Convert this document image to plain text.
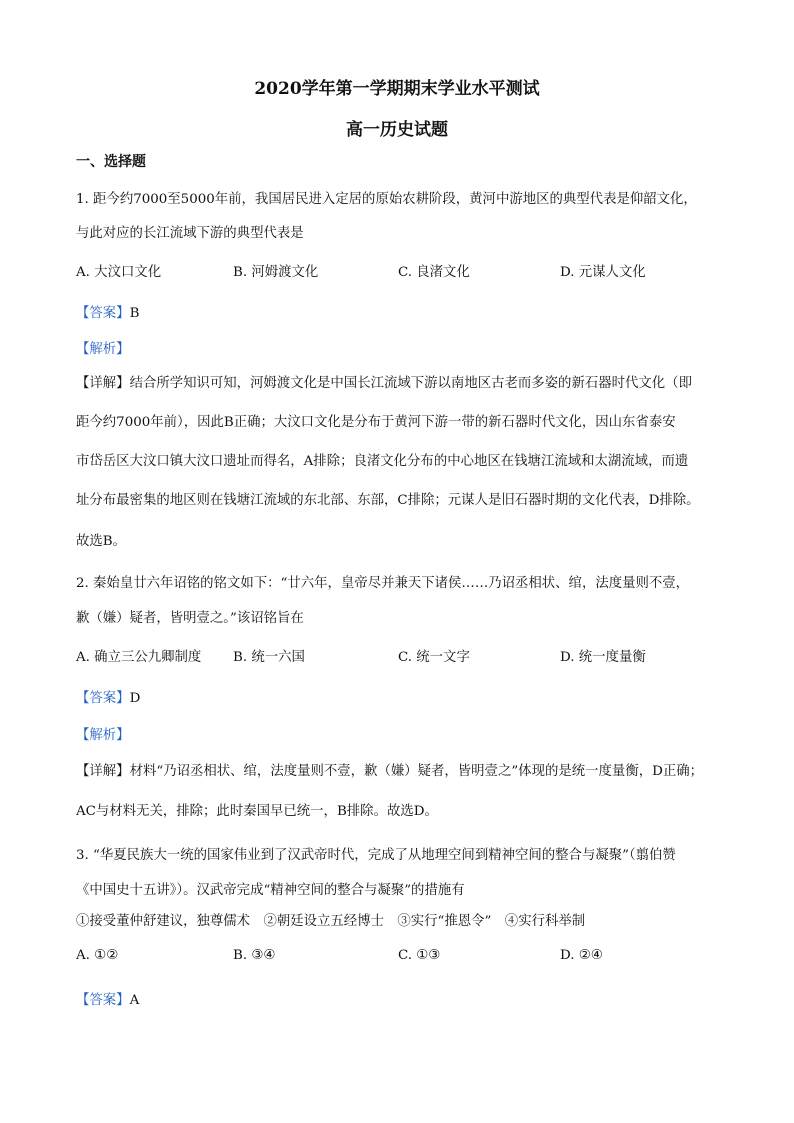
2020学年第一学期期末学业水平测试
高一历史试题
一、选择题
1. 距今约7000至5000年前，我国居民进入定居的原始农耕阶段，黄河中游地区的典型代表是仰韶文化，
与此对应的长江流域下游的典型代表是
A. 大汶口文化	B. 河姆渡文化	C. 良渚文化	D. 元谋人文化
【答案】B
【解析】
【详解】结合所学知识可知，河姆渡文化是中国长江流域下游以南地区古老而多姿的新石器时代文化（即
距今约7000年前），因此B正确；大汶口文化是分布于黄河下游一带的新石器时代文化，因山东省泰安
市岱岳区大汶口镇大汶口遗址而得名，A排除；良渚文化分布的中心地区在钱塘江流域和太湖流域，而遗
址分布最密集的地区则在钱塘江流域的东北部、东部，C排除；元谋人是旧石器时期的文化代表，D排除。
故选B。
2. 秦始皇廿六年诏铭的铭文如下：“廿六年，皇帝尽并兼天下诸侯……乃诏丞相状、绾，法度量则不壹，
歉（嫌）疑者，皆明壹之。”该诏铭旨在
A. 确立三公九卿制度 B. 统一六国	C. 统一文字	D. 统一度量衡
【答案】D
【解析】
【详解】材料“乃诏丞相状、绾，法度量则不壹，歉（嫌）疑者，皆明壹之”体现的是统一度量衡，D正确；
AC与材料无关，排除；此时秦国早已统一，B排除。故选D。
3. “华夏民族大一统的国家伟业到了汉武帝时代，完成了从地理空间到精神空间的整合与凝聚”（翦伯赞
《中国史十五讲》）。汉武帝完成“精神空间的整合与凝聚”的措施有
①接受董仲舒建议，独尊儒术　②朝廷设立五经博士　③实行“推恩令”　④实行科举制
A. ①②	B. ③④	C. ①③	D. ②④
【答案】A
